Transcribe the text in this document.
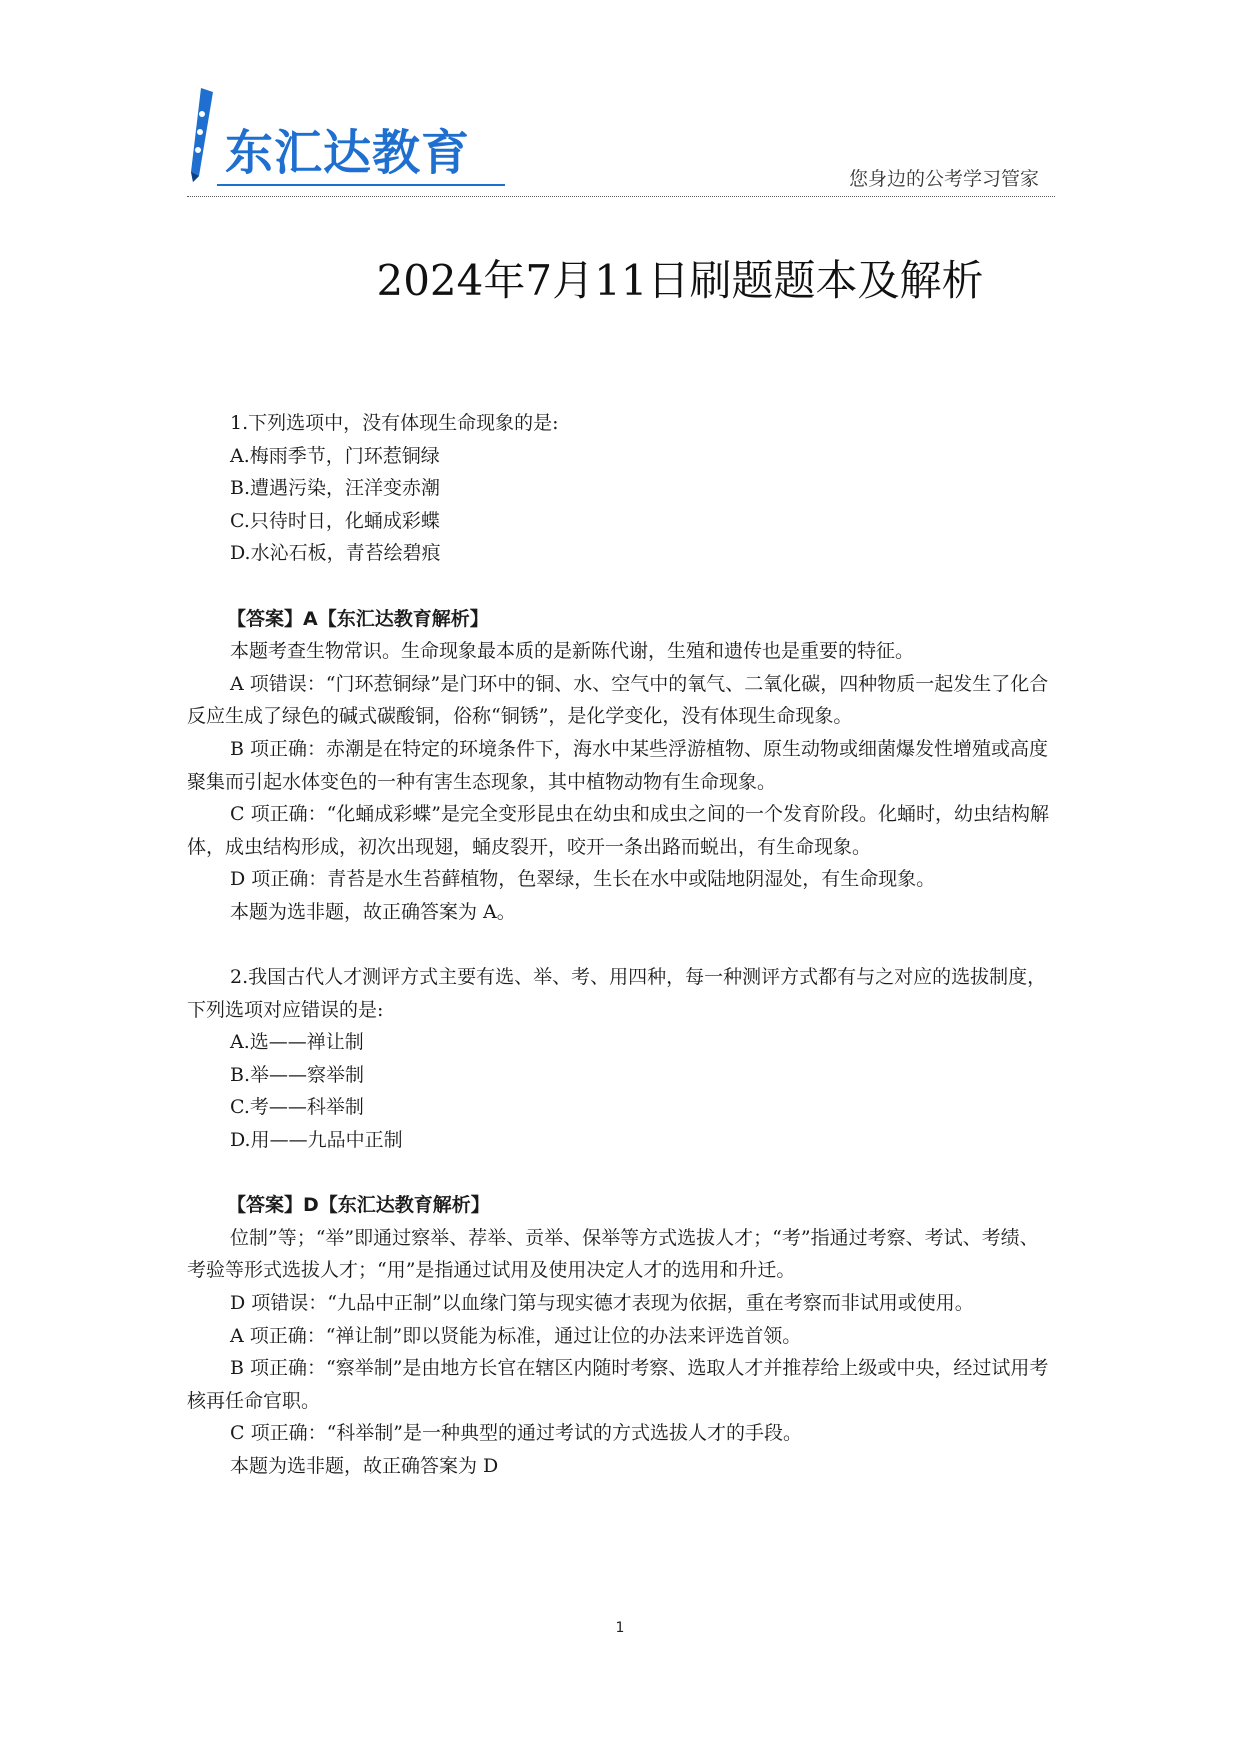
东汇达教育	您身边的公考学习管家
2024年7月11日刷题题本及解析
1.下列选项中，没有体现生命现象的是:
A.梅雨季节，门环惹铜绿
B.遭遇污染，汪洋变赤潮
C.只待时日，化蛹成彩蝶
D.水沁石板，青苔绘碧痕
【答案】A【东汇达教育解析】
本题考查生物常识。生命现象最本质的是新陈代谢，生殖和遗传也是重要的特征。
A 项错误：“门环惹铜绿”是门环中的铜、水、空气中的氧气、二氧化碳，四种物质一起发生了化合反应生成了绿色的碱式碳酸铜，俗称“铜锈”，是化学变化，没有体现生命现象。
B 项正确：赤潮是在特定的环境条件下，海水中某些浮游植物、原生动物或细菌爆发性增殖或高度聚集而引起水体变色的一种有害生态现象，其中植物动物有生命现象。
C 项正确：“化蛹成彩蝶”是完全变形昆虫在幼虫和成虫之间的一个发育阶段。化蛹时，幼虫结构解体，成虫结构形成，初次出现翅，蛹皮裂开，咬开一条出路而蜕出，有生命现象。
D 项正确：青苔是水生苔藓植物，色翠绿，生长在水中或陆地阴湿处，有生命现象。
本题为选非题，故正确答案为 A。
2.我国古代人才测评方式主要有选、举、考、用四种，每一种测评方式都有与之对应的选拔制度，下列选项对应错误的是:
A.选——禅让制
B.举——察举制
C.考——科举制
D.用——九品中正制
【答案】D【东汇达教育解析】
位制”等；“举”即通过察举、荐举、贡举、保举等方式选拔人才；“考”指通过考察、考试、考绩、考验等形式选拔人才；“用”是指通过试用及使用决定人才的选用和升迁。
D 项错误：“九品中正制”以血缘门第与现实德才表现为依据，重在考察而非试用或使用。
A 项正确：“禅让制”即以贤能为标准，通过让位的办法来评选首领。
B 项正确：“察举制”是由地方长官在辖区内随时考察、选取人才并推荐给上级或中央，经过试用考核再任命官职。
C 项正确：“科举制”是一种典型的通过考试的方式选拔人才的手段。
本题为选非题，故正确答案为 D
1
